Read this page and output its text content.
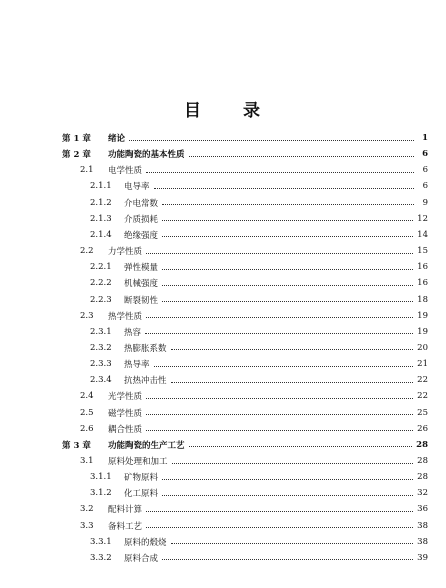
目 录
第 1 章	绪论	1
第 2 章	功能陶瓷的基本性质	6
2.1	电学性质	6
2.1.1	电导率	6
2.1.2	介电常数	9
2.1.3	介质损耗	12
2.1.4	绝缘强度	14
2.2	力学性质	15
2.2.1	弹性模量	16
2.2.2	机械强度	16
2.2.3	断裂韧性	18
2.3	热学性质	19
2.3.1	热容	19
2.3.2	热膨胀系数	20
2.3.3	热导率	21
2.3.4	抗热冲击性	22
2.4	光学性质	22
2.5	磁学性质	25
2.6	耦合性质	26
第 3 章	功能陶瓷的生产工艺	28
3.1	原料处理和加工	28
3.1.1	矿物原料	28
3.1.2	化工原料	32
3.2	配料计算	36
3.3	备料工艺	38
3.3.1	原料的煅烧	38
3.3.2	原料合成	39
